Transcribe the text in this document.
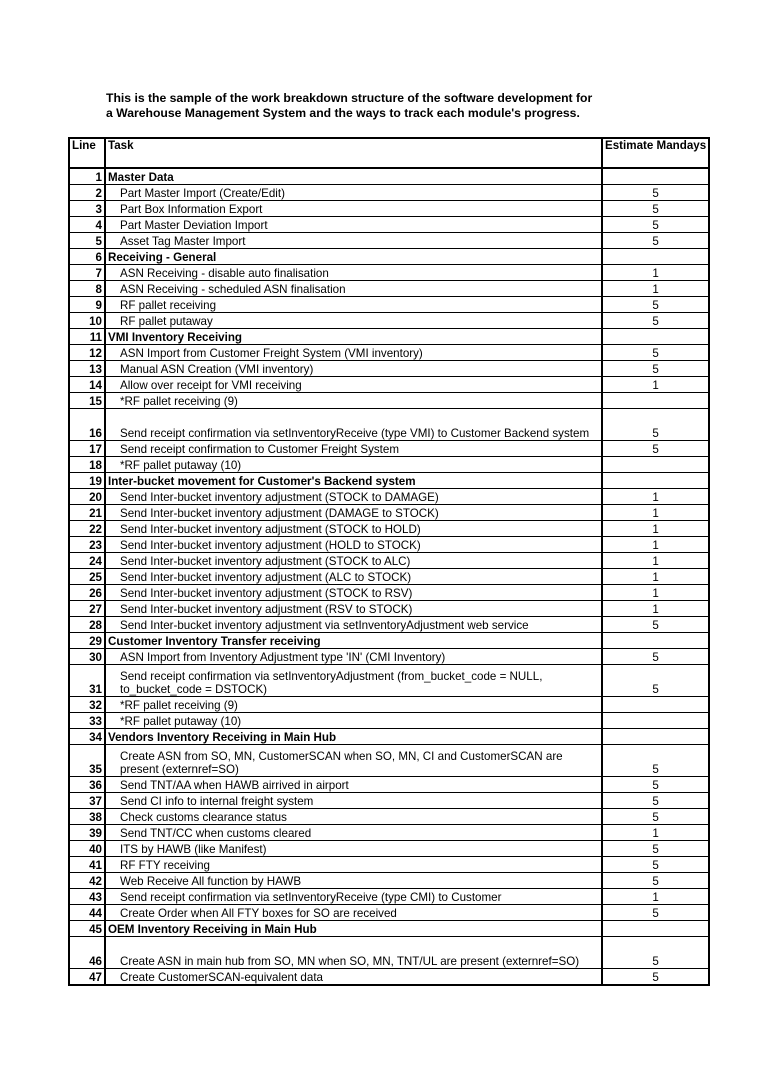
This is the sample of the work breakdown structure of the software development for
a Warehouse Management System and the ways to track each module's progress.
Line	Task	Estimate Mandays
1	Master Data	
2	Part Master Import (Create/Edit)	5
3	Part Box Information Export	5
4	Part Master Deviation Import	5
5	Asset Tag Master Import	5
6	Receiving - General	
7	ASN Receiving - disable auto finalisation	1
8	ASN Receiving - scheduled ASN finalisation	1
9	RF pallet receiving	5
10	RF pallet putaway	5
11	VMI Inventory Receiving	
12	ASN Import from Customer Freight System (VMI inventory)	5
13	Manual ASN Creation (VMI inventory)	5
14	Allow over receipt for VMI receiving	1
15	*RF pallet receiving (9)	
16	Send receipt confirmation via setInventoryReceive (type VMI) to Customer Backend system	5
17	Send receipt confirmation to Customer Freight System	5
18	*RF pallet putaway (10)	
19	Inter-bucket movement for Customer's Backend system	
20	Send Inter-bucket inventory adjustment (STOCK to DAMAGE)	1
21	Send Inter-bucket inventory adjustment (DAMAGE to STOCK)	1
22	Send Inter-bucket inventory adjustment (STOCK to HOLD)	1
23	Send Inter-bucket inventory adjustment (HOLD to STOCK)	1
24	Send Inter-bucket inventory adjustment (STOCK to ALC)	1
25	Send Inter-bucket inventory adjustment (ALC to STOCK)	1
26	Send Inter-bucket inventory adjustment (STOCK to RSV)	1
27	Send Inter-bucket inventory adjustment (RSV to STOCK)	1
28	Send Inter-bucket inventory adjustment via setInventoryAdjustment web service	5
29	Customer Inventory Transfer receiving	
30	ASN Import from Inventory Adjustment type 'IN' (CMI Inventory)	5
31	Send receipt confirmation via setInventoryAdjustment (from_bucket_code = NULL, to_bucket_code = DSTOCK)	5
32	*RF pallet receiving (9)	
33	*RF pallet putaway (10)	
34	Vendors Inventory Receiving in Main Hub	
35	Create ASN from SO, MN, CustomerSCAN when SO, MN, CI and CustomerSCAN are present (externref=SO)	5
36	Send TNT/AA when HAWB airrived in airport	5
37	Send CI info to internal freight system	5
38	Check customs clearance status	5
39	Send TNT/CC when customs cleared	1
40	ITS by HAWB (like Manifest)	5
41	RF FTY receiving	5
42	Web Receive All function by HAWB	5
43	Send receipt confirmation via setInventoryReceive (type CMI) to Customer	1
44	Create Order when All FTY boxes for SO are received	5
45	OEM Inventory Receiving in Main Hub	
46	Create ASN in main hub from SO, MN when SO, MN, TNT/UL are present (externref=SO)	5
47	Create CustomerSCAN-equivalent data	5
